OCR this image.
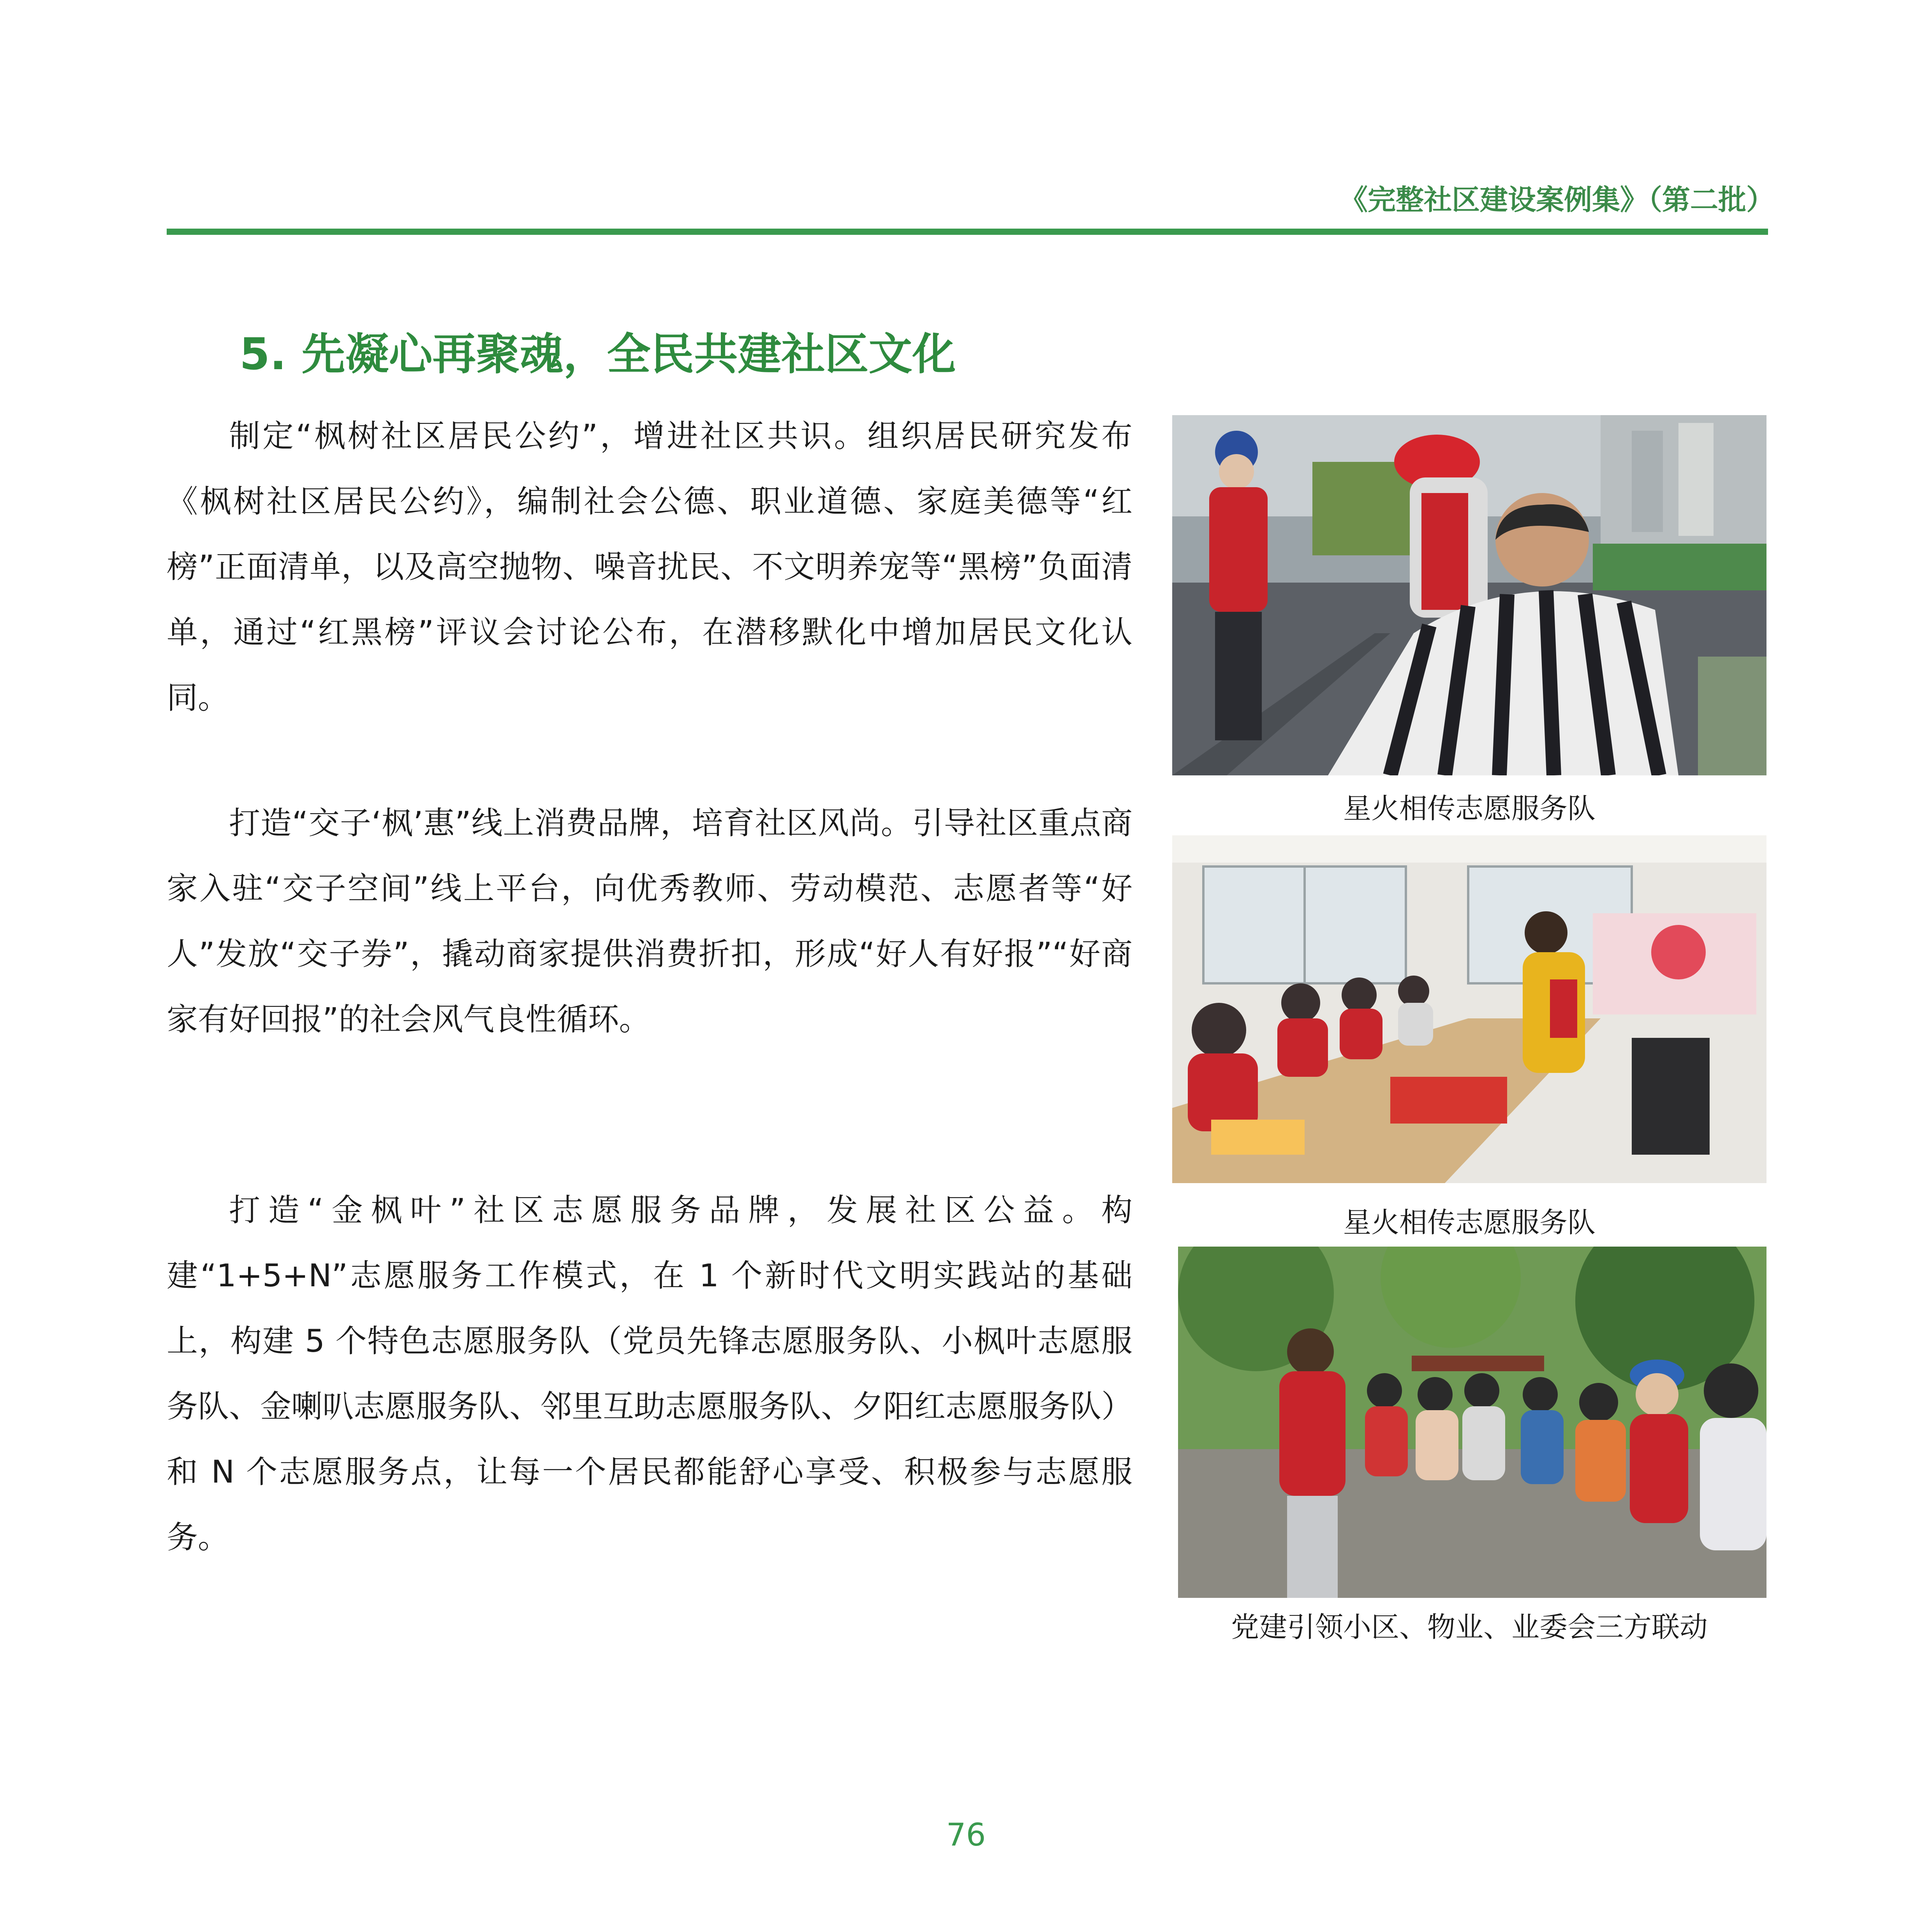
《完整社区建设案例集》（第二批）
5. 先凝心再聚魂，全民共建社区文化
制定“枫树社区居民公约”，增进社区共识。组织居民研究发布《枫树社区居民公约》，编制社会公德、职业道德、家庭美德等“红榜”正面清单，以及高空抛物、噪音扰民、不文明养宠等“黑榜”负面清单，通过“红黑榜”评议会讨论公布，在潜移默化中增加居民文化认同。
打造“交子‘枫’惠”线上消费品牌，培育社区风尚。引导社区重点商家入驻“交子空间”线上平台，向优秀教师、劳动模范、志愿者等“好人”发放“交子券”，撬动商家提供消费折扣，形成“好人有好报”“好商家有好回报”的社会风气良性循环。
打造“金枫叶”社区志愿服务品牌，发展社区公益。构建“1+5+N”志愿服务工作模式，在 1 个新时代文明实践站的基础上，构建 5 个特色志愿服务队（党员先锋志愿服务队、小枫叶志愿服务队、金喇叭志愿服务队、邻里互助志愿服务队、夕阳红志愿服务队）和 N 个志愿服务点，让每一个居民都能舒心享受、积极参与志愿服务。
星火相传志愿服务队
星火相传志愿服务队
党建引领小区、物业、业委会三方联动
76
